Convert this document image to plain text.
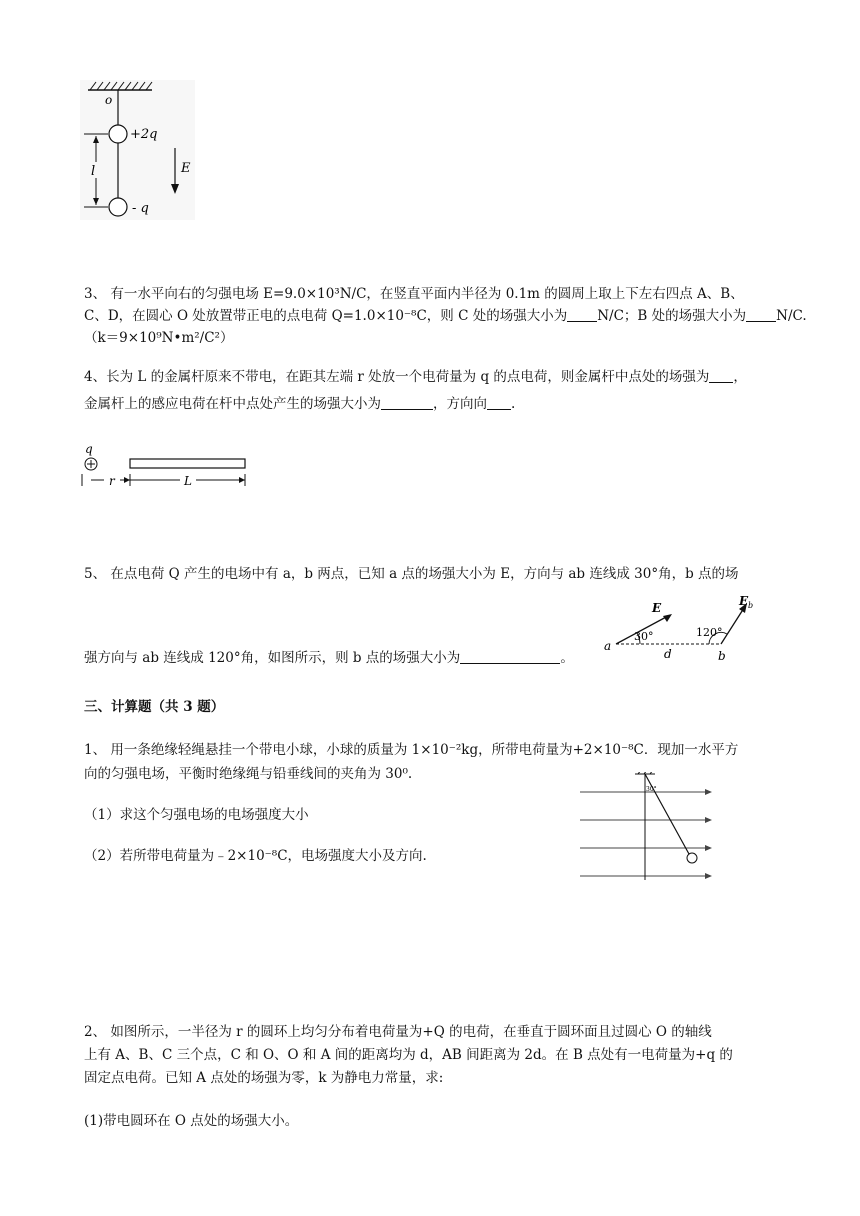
o
+2q
- q
l	E
3、 有一水平向右的匀强电场 E=9.0×10³N/C，在竖直平面内半径为 0.1m 的圆周上取上下左右四点 A、B、
C、D，在圆心 O 处放置带正电的点电荷 Q=1.0×10⁻⁸C，则 C 处的场强大小为 N/C；B 处的场强大小为 N/C.
（k＝9×10⁹N•m²/C²）
4、长为 L 的金属杆原来不带电，在距其左端 r 处放一个电荷量为 q 的点电荷，则金属杆中点处的场强为 ，
金属杆上的感应电荷在杆中点处产生的场强大小为	，方向向 .
q
r	L
5、 在点电荷 Q 产生的电场中有 a，b 两点，已知 a 点的场强大小为 E，方向与 ab 连线成 30°角，b 点的场
强方向与 ab 连线成 120°角，如图所示，则 b 点的场强大小为	。
E
30°
E b
120°
a
d	b
三、计算题（共 3 题）
1、 用一条绝缘轻绳悬挂一个带电小球，小球的质量为 1×10⁻²kg，所带电荷量为+2×10⁻⁸C．现加一水平方
向的匀强电场，平衡时绝缘绳与铅垂线间的夹角为 30⁰.
（1）求这个匀强电场的电场强度大小
（2）若所带电荷量为﹣2×10⁻⁸C，电场强度大小及方向.
30°
2、 如图所示，一半径为 r 的圆环上均匀分布着电荷量为+Q 的电荷，在垂直于圆环面且过圆心 O 的轴线
上有 A、B、C 三个点，C 和 O、O 和 A 间的距离均为 d，AB 间距离为 2d。在 B 点处有一电荷量为+q 的
固定点电荷。已知 A 点处的场强为零，k 为静电力常量，求:
(1)带电圆环在 O 点处的场强大小。
